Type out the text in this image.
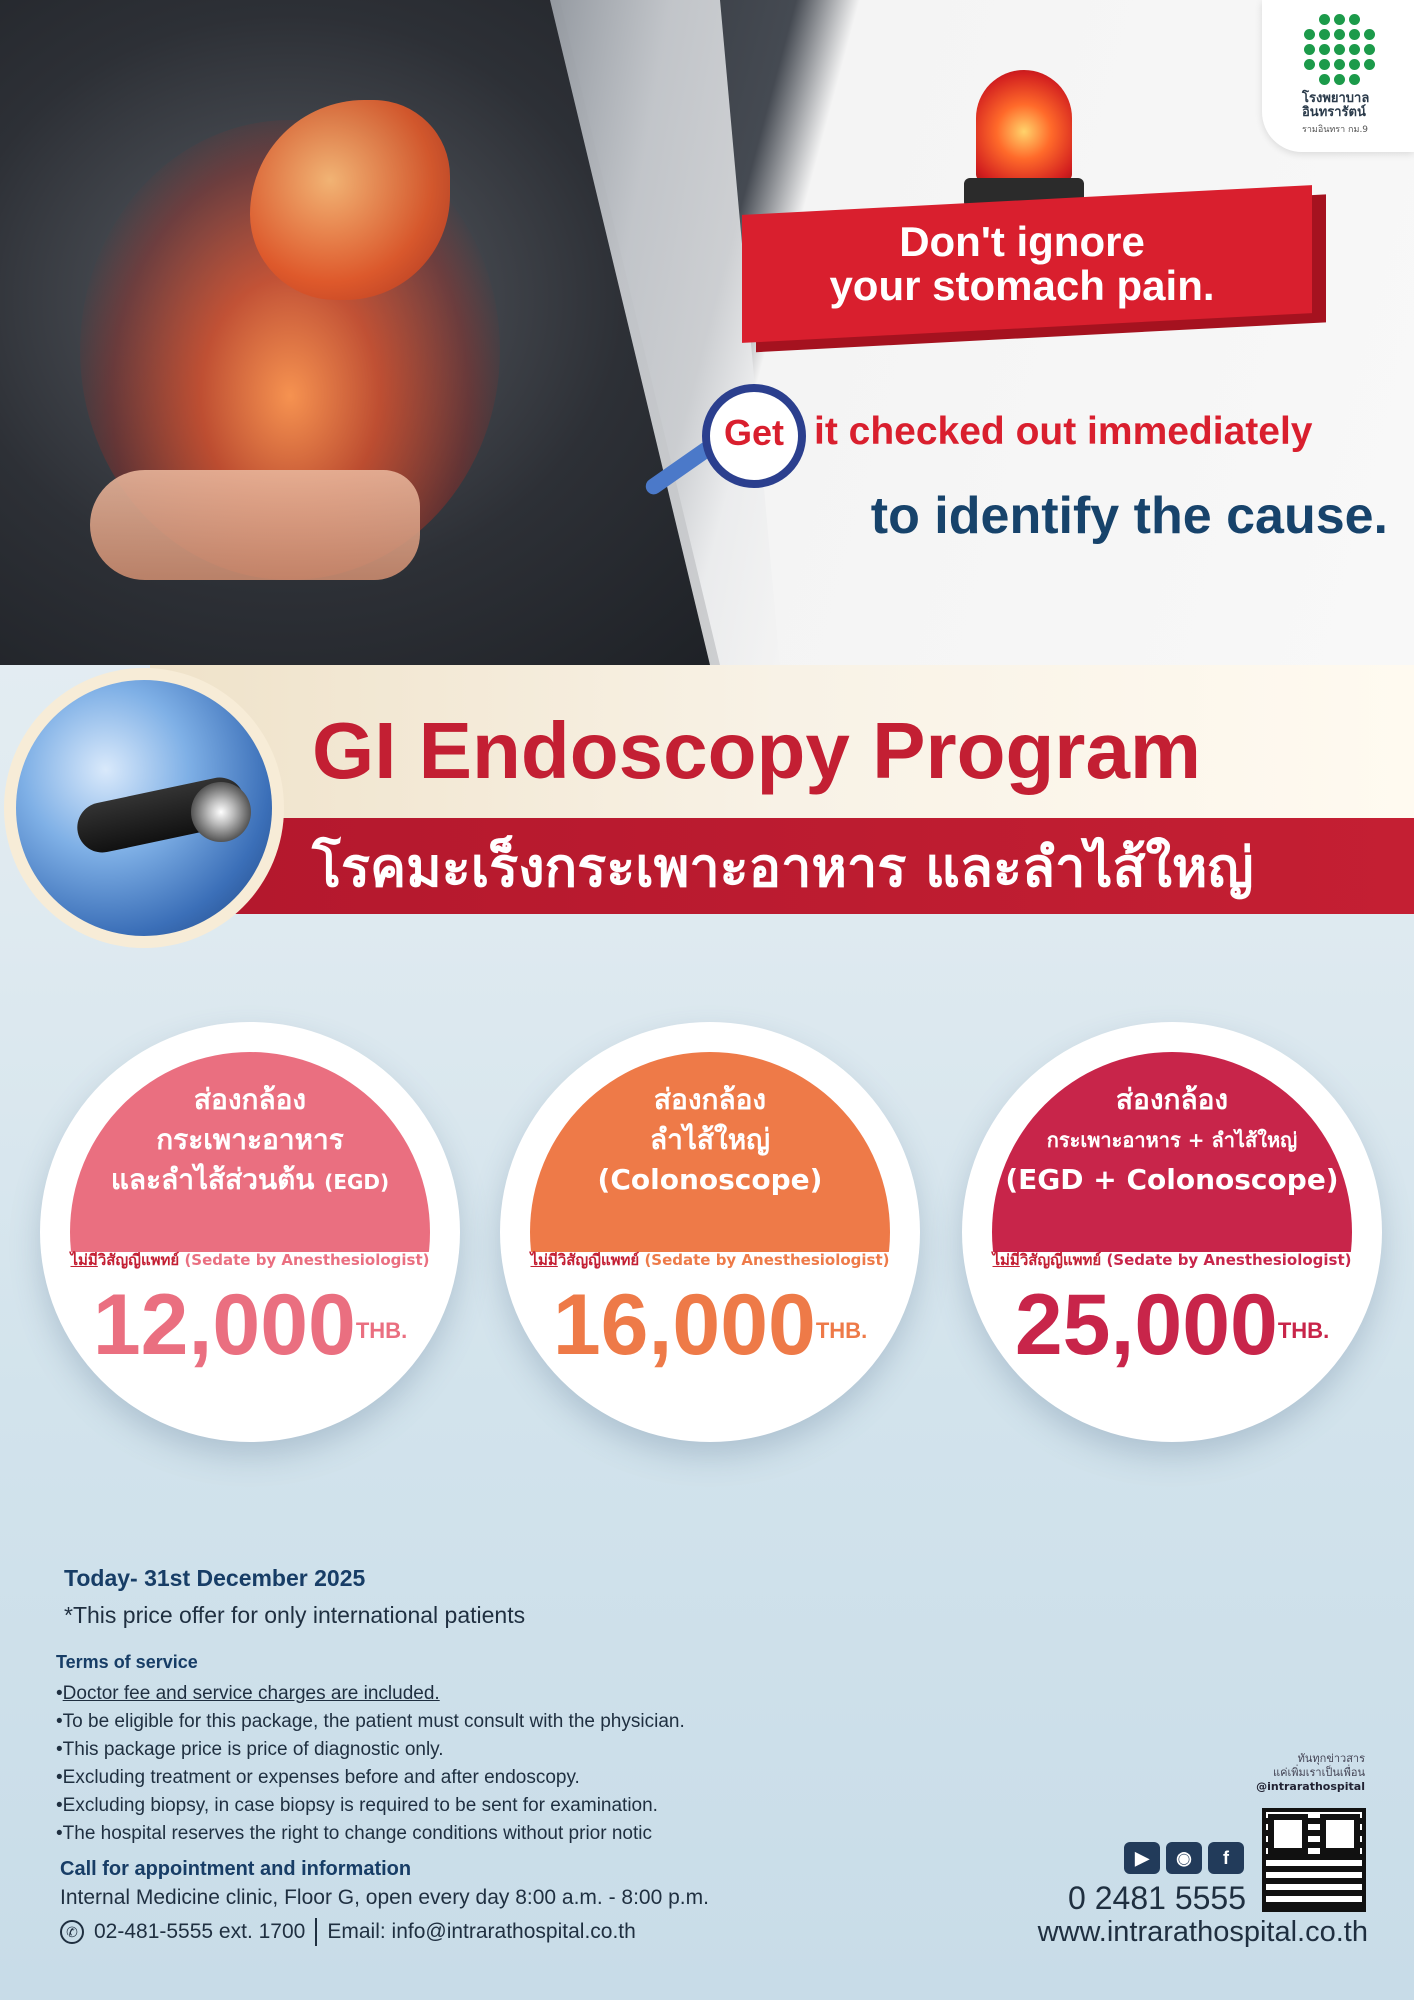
Don't ignore
your stomach pain.
Get it checked out immediately
to identify the cause.
โรงพยาบาล
อินทรารัตน์
รามอินทรา กม.9
GI Endoscopy Program
โรคมะเร็งกระเพาะอาหาร และลำไส้ใหญ่
ส่องกล้อง
กระเพาะอาหาร
และลำไส้ส่วนต้น (EGD)
ไม่มีวิสัญญีแพทย์ (Sedate by Anesthesiologist)
$12,000^{THB.}$
ส่องกล้อง
ลำไส้ใหญ่
(Colonoscope)
ไม่มีวิสัญญีแพทย์ (Sedate by Anesthesiologist)
$16,000^{THB.}$
ส่องกล้อง
กระเพาะอาหาร + ลำไส้ใหญ่
(EGD + Colonoscope)
ไม่มีวิสัญญีแพทย์ (Sedate by Anesthesiologist)
$25,000^{THB.}$
Today- 31st December 2025
*This price offer for only international patients
Terms of service
• Doctor fee and service charges are included.
• To be eligible for this package, the patient must consult with the physician.
• This package price is price of diagnostic only.
• Excluding treatment or expenses before and after endoscopy.
• Excluding biopsy, in case biopsy is required to be sent for examination.
• The hospital reserves the right to change conditions without prior notic
Call for appointment and information
Internal Medicine clinic, Floor G, open every day 8:00 a.m. - 8:00 p.m.
✆ 02-481-5555 ext. 1700 Email: info@intrarathospital.co.th
ทันทุกข่าวสาร
แค่เพิ่มเราเป็นเพื่อน
@intrarathospital
▶	◉	f
0 2481 5555
www.intrarathospital.co.th
